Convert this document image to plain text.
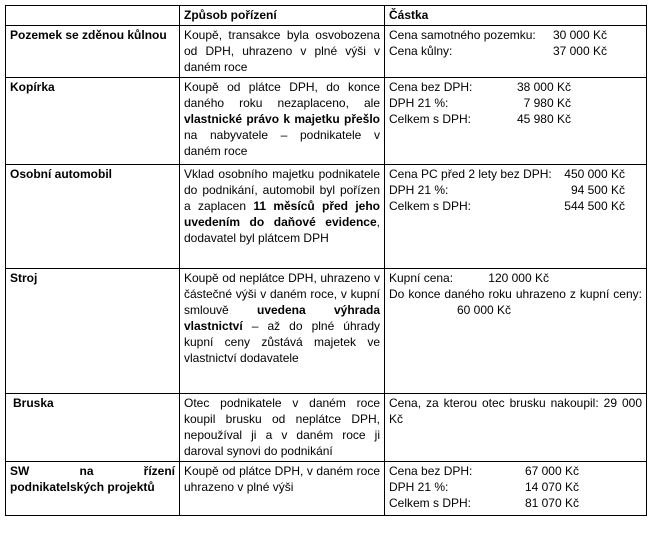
	Způsob pořízení	Částka
Pozemek se zděnou kůlnou	Koupě, transakce byla osvobozena od DPH, uhrazeno v plné výši v daném roce	Cena samotného pozemku: 30 000 Kč
Cena kůlny: 37 000 Kč

Kopírka	Koupě od plátce DPH, do konce daného roku nezaplaceno, ale vlastnické právo k majetku přešlo na nabyvatele – podnikatele v daném roce	Cena bez DPH: 38 000 Kč
DPH 21 %: 7 980 Kč
Celkem s DPH: 45 980 Kč

Osobní automobil	Vklad osobního majetku podnikatele do podnikání, automobil byl pořízen a zaplacen 11 měsíců před jeho uvedením do daňové evidence, dodavatel byl plátcem DPH	Cena PC před 2 lety bez DPH: 450 000 Kč
DPH 21 %: 94 500 Kč
Celkem s DPH: 544 500 Kč

Stroj	Koupě od neplátce DPH, uhrazeno v částečné výši v daném roce, v kupní smlouvě uvedena výhrada vlastnictví – až do plné úhrady kupní ceny zůstává majetek ve vlastnictví dodavatele	Kupní cena: 120 000 Kč
Do konce daného roku uhrazeno z kupní ceny:60 000 Kč

Bruska	Otec podnikatele v daném roce koupil brusku od neplátce DPH, nepoužíval ji a v daném roce ji daroval synovi do podnikání	Cena, za kterou otec brusku nakoupil: 29 000 Kč
SW na řízení podnikatelských projektů	Koupě od plátce DPH, v daném roce uhrazeno v plné výši	Cena bez DPH: 67 000 Kč
DPH 21 %: 14 070 Kč
Celkem s DPH: 81 070 Kč
